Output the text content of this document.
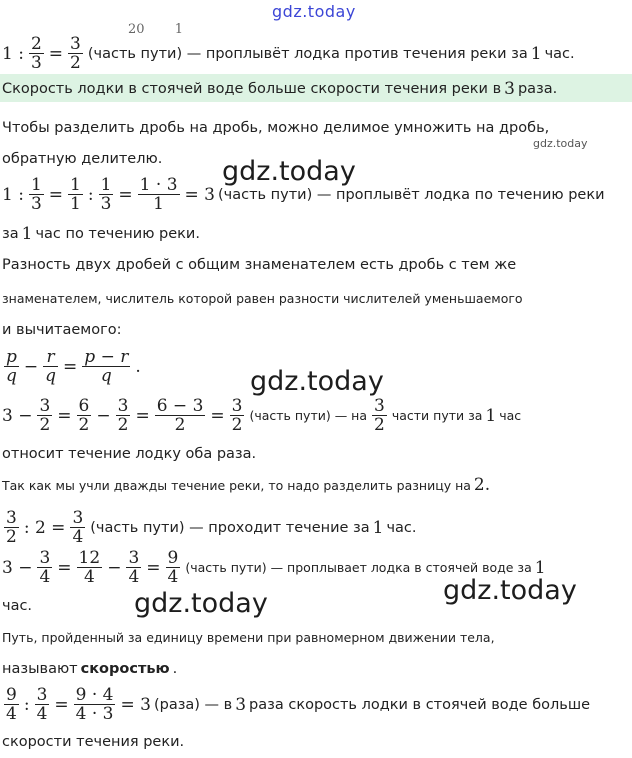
gdz.today
20 1
1 : $\frac{2}{3} = \frac{3}{2}$ (часть пути) — проплывёт лодка против течения реки за 1 час.
Скорость лодки в стоячей воде больше скорости течения реки в 3 раза.
Чтобы разделить дробь на дробь, можно делимое умножить на дробь,
gdz.today
обратную делителю. gdz.today
1 : $\frac{1}{3} = \frac{1}{1}$ : $\frac{1}{3} = \frac{1 \cdot 3}{1} = 3$ (часть пути) — проплывёт лодка по течению реки
за 1 час по течению реки.
Разность двух дробей с общим знаменателем есть дробь с тем же
знаменателем, числитель которой равен разности числителей уменьшаемого
и вычитаемого:
$\frac{p}{q} - \frac{r}{q} = \frac{p - r}{q}$ .	gdz.today
$3 - \frac{3}{2} = \frac{6}{2} - \frac{3}{2} = \frac{6 - 3}{2} = \frac{3}{2}$ (часть пути) — на $\frac{3}{2}$ части пути за 1 час
относит течение лодку оба раза.
Так как мы учли дважды течение реки, то надо разделить разницу на 2.
$\frac{3}{2}$ : $2 = \frac{3}{4}$ (часть пути) — проходит течение за 1 час.
$3 - \frac{3}{4} = \frac{12}{4} - \frac{3}{4} = \frac{9}{4}$ (часть пути) — проплывает лодка в стоячей воде за 1
час.	gdz.today	gdz.today
Путь, пройденный за единицу времени при равномерном движении тела,
называют скоростью .
$\frac{9}{4}$ : $\frac{3}{4} = \frac{9 \cdot 4}{4 \cdot 3} = 3$ (раза) — в 3 раза скорость лодки в стоячей воде больше
скорости течения реки.
